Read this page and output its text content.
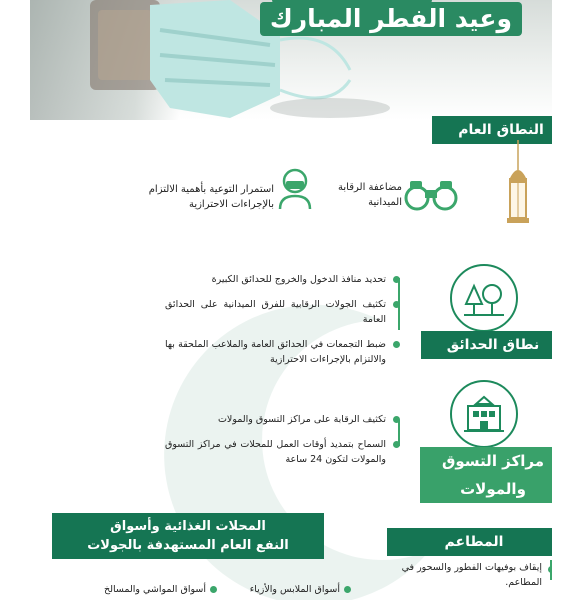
وعيد الفطر المبارك
النطاق العام
مضاعفة الرقابة الميدانية
استمرار التوعية بأهمية الالتزام بالإجراءات الاحترازية
تحديد منافذ الدخول والخروج للحدائق الكبيرة
تكثيف الجولات الرقابية للفرق الميدانية على الحدائق العامة
ضبط التجمعات في الحدائق العامة والملاعب الملحقة بها والالتزام بالإجراءات الاحترازية
نطاق الحدائق
تكثيف الرقابة على مراكز التسوق والمولات
السماح بتمديد أوقات العمل للمحلات في مراكز التسوق والمولات لتكون 24 ساعة	مراكز التسوق
والمولات
المحلات الغذائية وأسواق
النفع العام المستهدفة بالجولات
أسواق الملابس والأزياء
أسواق المواشي والمسالخ
المطاعم
إيقاف بوفيهات الفطور والسحور في المطاعم.
